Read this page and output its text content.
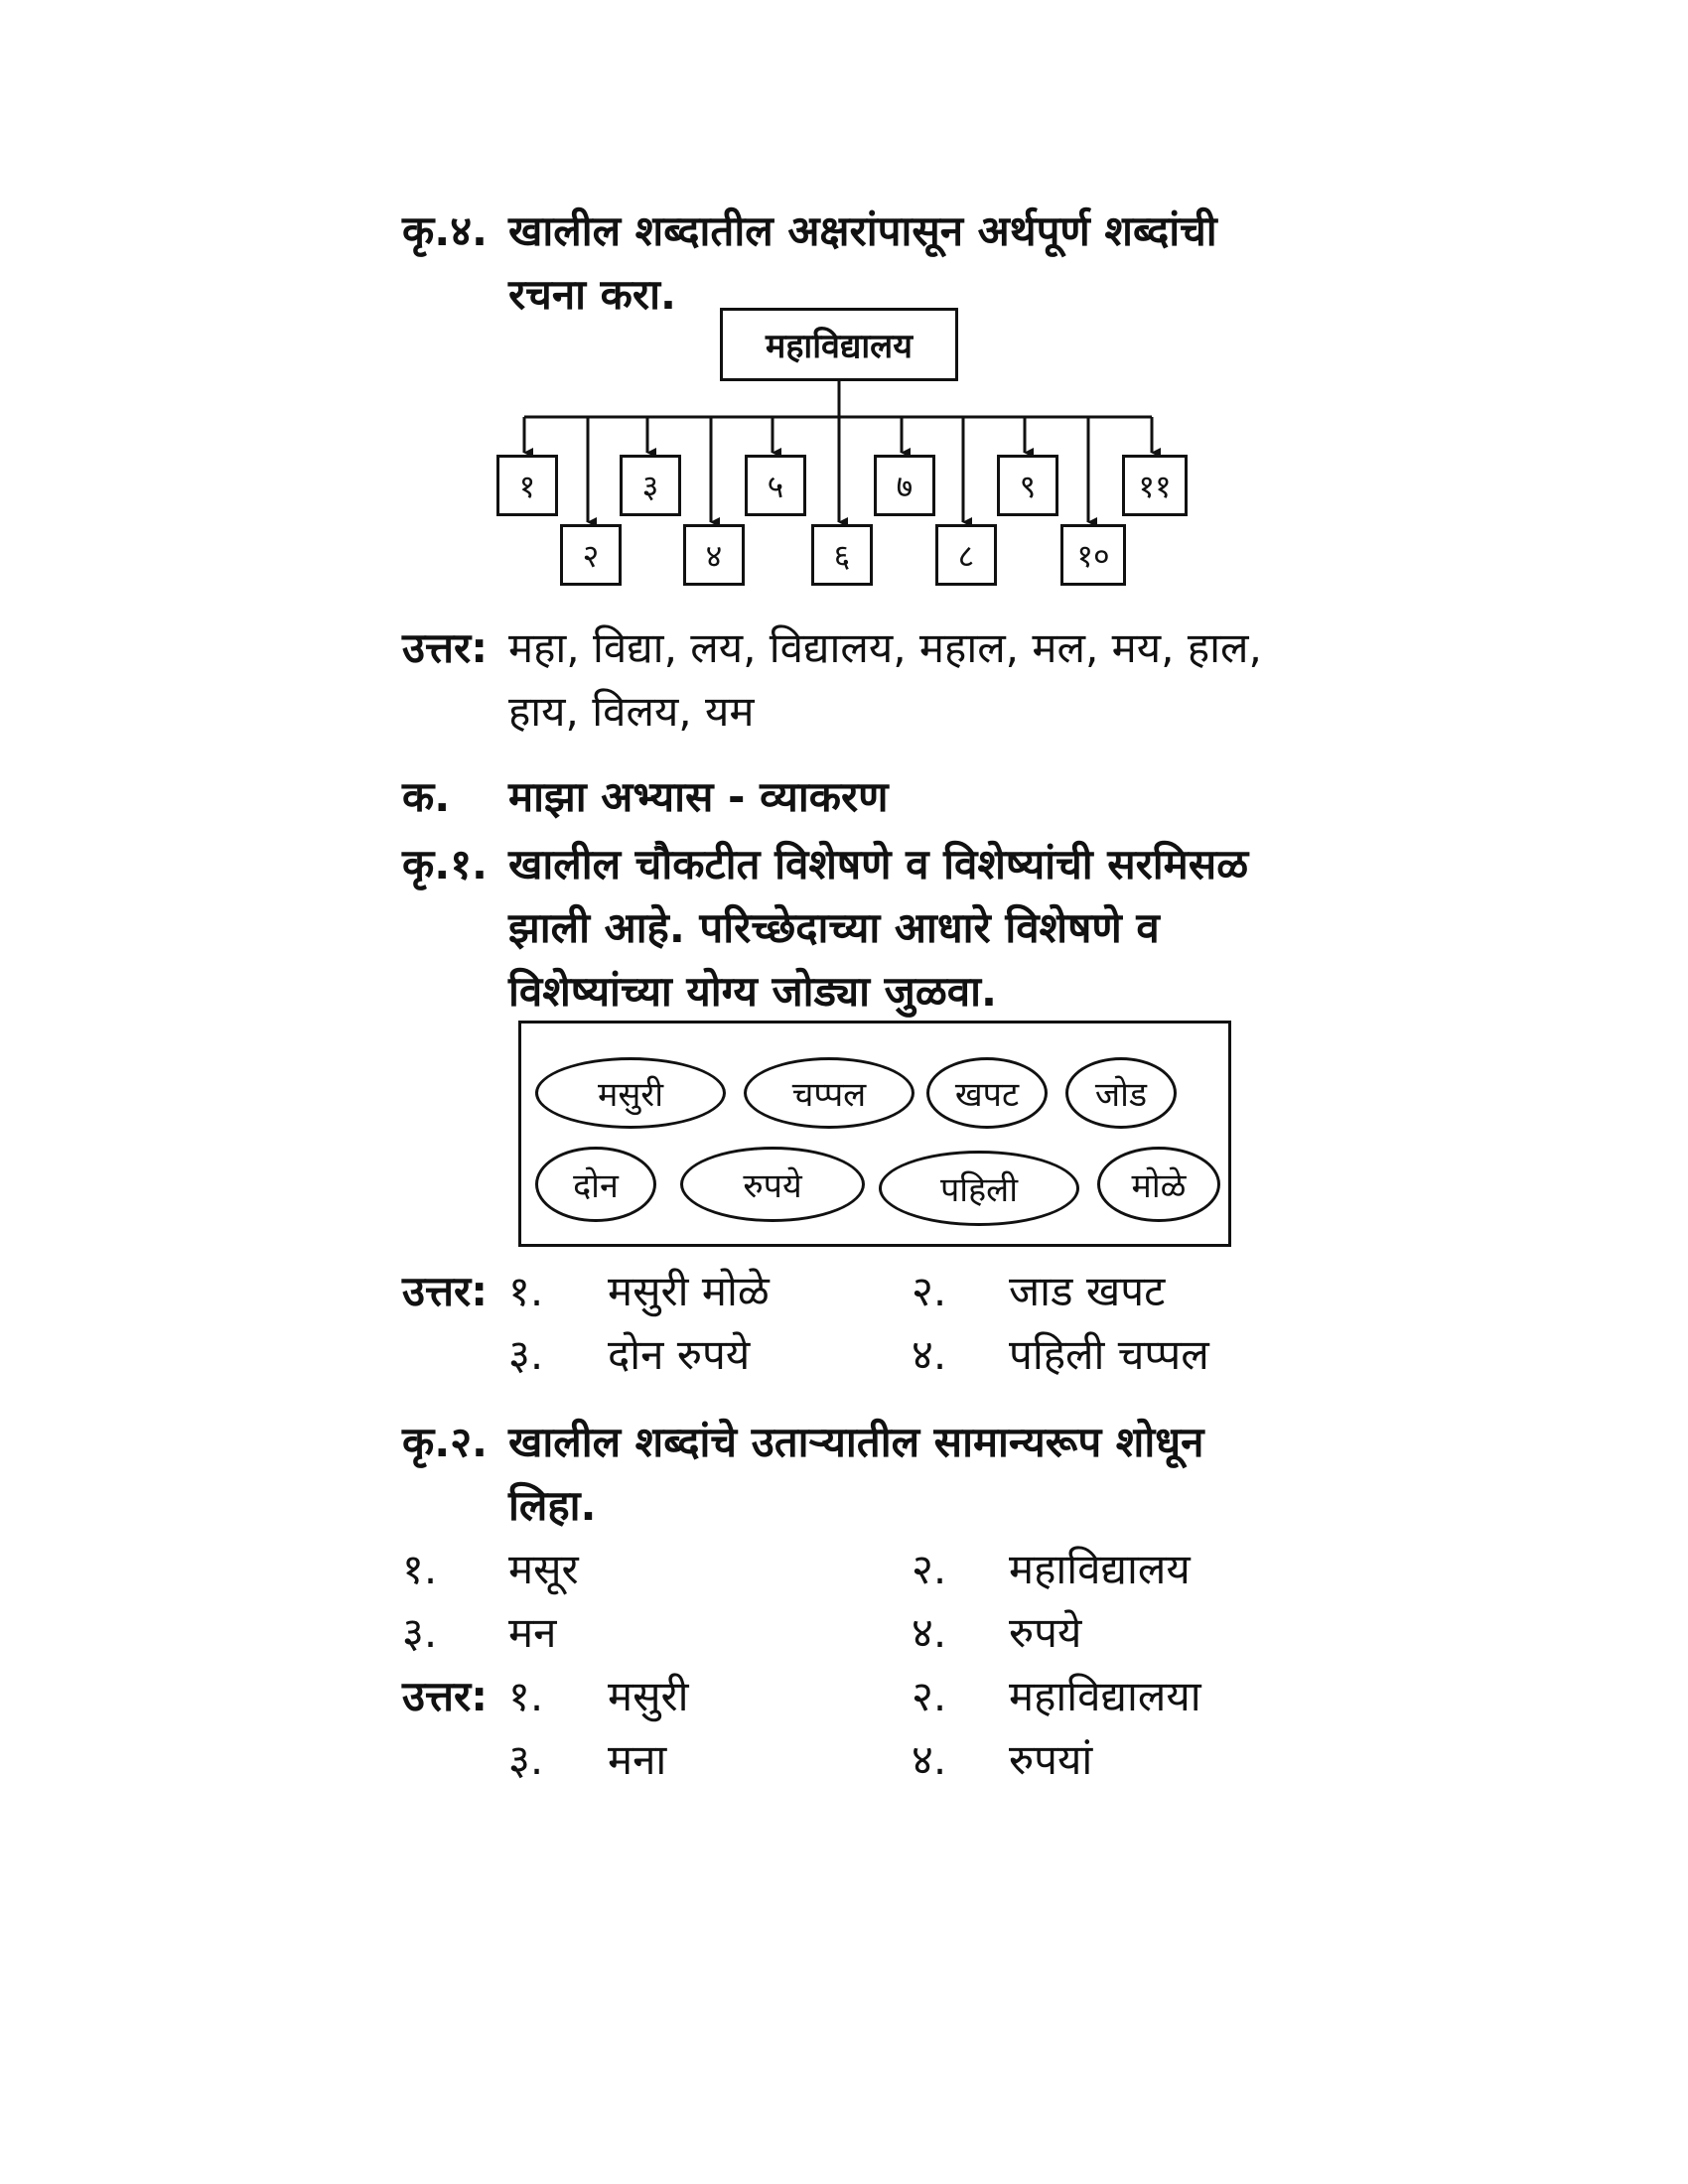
कृ.४. खालील शब्दातील अक्षरांपासून अर्थपूर्ण शब्दांची
रचना करा.
महाविद्यालय
१
२
३
४
५
६
७
८
९
१०
११
उत्तर: महा, विद्या, लय, विद्यालय, महाल, मल, मय, हाल,
हाय, विलय, यम
क. माझा अभ्यास - व्याकरण
कृ.१. खालील चौकटीत विशेषणे व विशेष्यांची सरमिसळ
झाली आहे. परिच्छेदाच्या आधारे विशेषणे व
विशेष्यांच्या योग्य जोड्या जुळवा.
मसुरी	चप्पल	खपट	जोड
दोन	रुपये	पहिली	मोळे
उत्तर: १. मसुरी मोळे	२. जाड खपट
३. दोन रुपये	४. पहिली चप्पल
कृ.२. खालील शब्दांचे उताऱ्यातील सामान्यरूप शोधून
लिहा.
१. मसूर	२. महाविद्यालय
३. मन	४. रुपये
उत्तर: १. मसुरी	२. महाविद्यालया
३. मना	४. रुपयां
